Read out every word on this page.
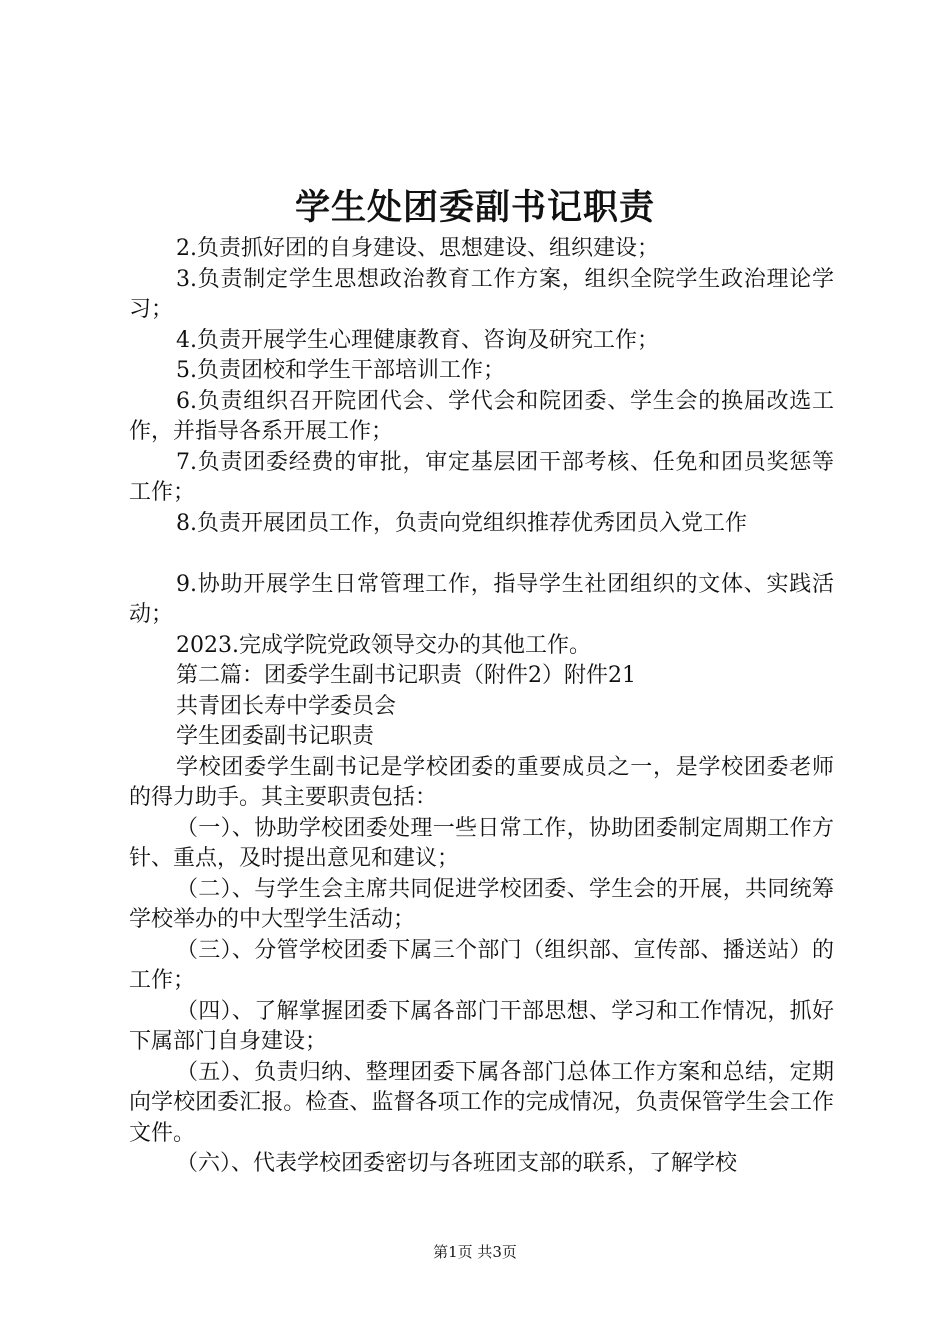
学生处团委副书记职责

2.负责抓好团的自身建设、思想建设、组织建设；

3.负责制定学生思想政治教育工作方案，组织全院学生政治理论学习；

4.负责开展学生心理健康教育、咨询及研究工作；

5.负责团校和学生干部培训工作；

6.负责组织召开院团代会、学代会和院团委、学生会的换届改选工作，并指导各系开展工作；

7.负责团委经费的审批，审定基层团干部考核、任免和团员奖惩等工作；

8.负责开展团员工作，负责向党组织推荐优秀团员入党工作

9.协助开展学生日常管理工作，指导学生社团组织的文体、实践活动；

2023.完成学院党政领导交办的其他工作。

第二篇：团委学生副书记职责（附件2）附件21

共青团长寿中学委员会

学生团委副书记职责

学校团委学生副书记是学校团委的重要成员之一，是学校团委老师的得力助手。其主要职责包括：

（一）、协助学校团委处理一些日常工作，协助团委制定周期工作方针、重点，及时提出意见和建议；

（二）、与学生会主席共同促进学校团委、学生会的开展，共同统筹学校举办的中大型学生活动；

（三）、分管学校团委下属三个部门（组织部、宣传部、播送站）的工作；

（四）、了解掌握团委下属各部门干部思想、学习和工作情况，抓好下属部门自身建设；

（五）、负责归纳、整理团委下属各部门总体工作方案和总结，定期向学校团委汇报。检查、监督各项工作的完成情况，负责保管学生会工作文件。

（六）、代表学校团委密切与各班团支部的联系，了解学校

第1页 共3页
